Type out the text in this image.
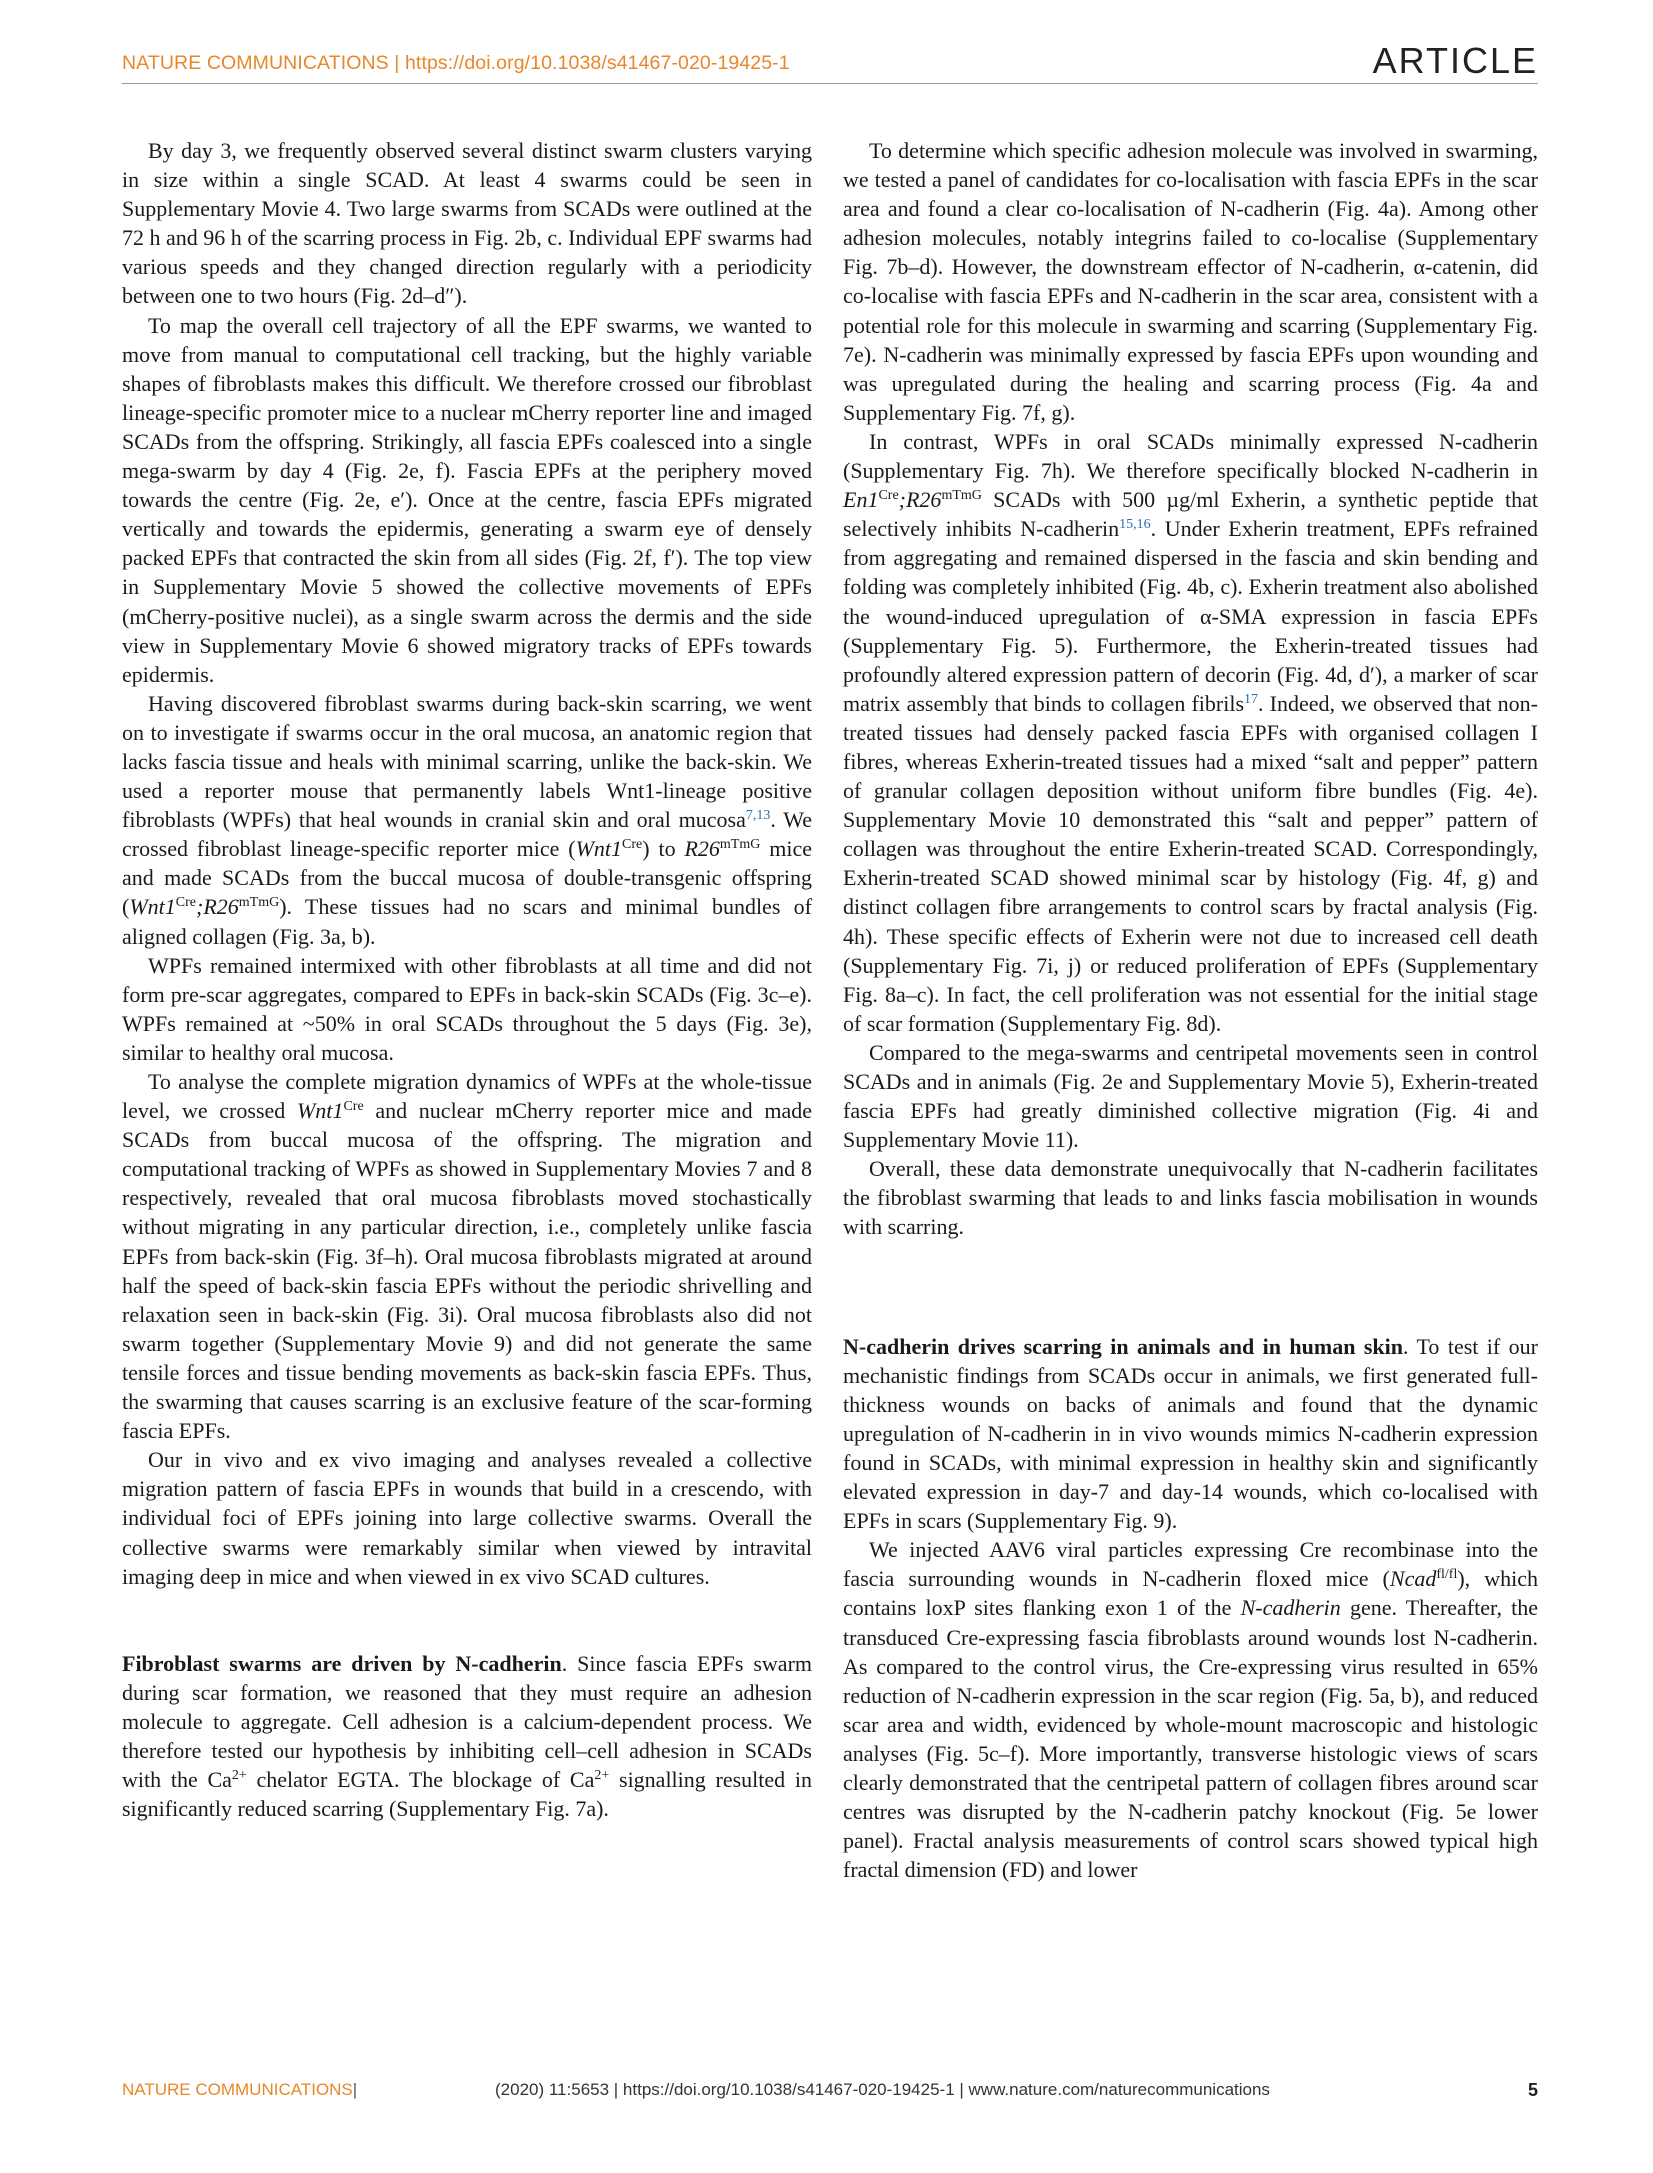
NATURE COMMUNICATIONS | https://doi.org/10.1038/s41467-020-19425-1	ARTICLE

By day 3, we frequently observed several distinct swarm clusters varying in size within a single SCAD. At least 4 swarms could be seen in Supplementary Movie 4. Two large swarms from SCADs were outlined at the 72 h and 96 h of the scarring process in Fig. 2b, c. Individual EPF swarms had various speeds and they changed direction regularly with a periodicity between one to two hours (Fig. 2d–d″).

To map the overall cell trajectory of all the EPF swarms, we wanted to move from manual to computational cell tracking, but the highly variable shapes of fibroblasts makes this difficult. We therefore crossed our fibroblast lineage-specific promoter mice to a nuclear mCherry reporter line and imaged SCADs from the offspring. Strikingly, all fascia EPFs coalesced into a single mega-swarm by day 4 (Fig. 2e, f). Fascia EPFs at the periphery moved towards the centre (Fig. 2e, e′). Once at the centre, fascia EPFs migrated vertically and towards the epidermis, generating a swarm eye of densely packed EPFs that contracted the skin from all sides (Fig. 2f, f′). The top view in Supplementary Movie 5 showed the collective movements of EPFs (mCherry-positive nuclei), as a single swarm across the dermis and the side view in Supplementary Movie 6 showed migratory tracks of EPFs towards epidermis.

Having discovered fibroblast swarms during back-skin scarring, we went on to investigate if swarms occur in the oral mucosa, an anatomic region that lacks fascia tissue and heals with minimal scarring, unlike the back-skin. We used a reporter mouse that permanently labels Wnt1-lineage positive fibroblasts (WPFs) that heal wounds in cranial skin and oral mucosa$^{7,13}$. We crossed fibroblast lineage-specific reporter mice $(Wnt1^{Cre})$ to $R26^{mTmG}$ mice and made SCADs from the buccal mucosa of double-transgenic offspring $(Wnt1^{Cre};R26^{mTmG})$. These tissues had no scars and minimal bundles of aligned collagen (Fig. 3a, b).

WPFs remained intermixed with other fibroblasts at all time and did not form pre-scar aggregates, compared to EPFs in back-skin SCADs (Fig. 3c–e). WPFs remained at ~50% in oral SCADs throughout the 5 days (Fig. 3e), similar to healthy oral mucosa.

To analyse the complete migration dynamics of WPFs at the whole-tissue level, we crossed $Wnt1^{Cre}$ and nuclear mCherry reporter mice and made SCADs from buccal mucosa of the offspring. The migration and computational tracking of WPFs as showed in Supplementary Movies 7 and 8 respectively, revealed that oral mucosa fibroblasts moved stochastically without migrating in any particular direction, i.e., completely unlike fascia EPFs from back-skin (Fig. 3f–h). Oral mucosa fibroblasts migrated at around half the speed of back-skin fascia EPFs without the periodic shrivelling and relaxation seen in back-skin (Fig. 3i). Oral mucosa fibroblasts also did not swarm together (Supplementary Movie 9) and did not generate the same tensile forces and tissue bending movements as back-skin fascia EPFs. Thus, the swarming that causes scarring is an exclusive feature of the scar-forming fascia EPFs.

Our in vivo and ex vivo imaging and analyses revealed a collective migration pattern of fascia EPFs in wounds that build in a crescendo, with individual foci of EPFs joining into large collective swarms. Overall the collective swarms were remarkably similar when viewed by intravital imaging deep in mice and when viewed in ex vivo SCAD cultures.

Fibroblast swarms are driven by N-cadherin. Since fascia EPFs swarm during scar formation, we reasoned that they must require an adhesion molecule to aggregate. Cell adhesion is a calcium-dependent process. We therefore tested our hypothesis by inhibiting cell–cell adhesion in SCADs with the $Ca^{2+}$ chelator EGTA. The blockage of $Ca^{2+}$ signalling resulted in significantly reduced scarring (Supplementary Fig. 7a).

To determine which specific adhesion molecule was involved in swarming, we tested a panel of candidates for co-localisation with fascia EPFs in the scar area and found a clear co-localisation of N-cadherin (Fig. 4a). Among other adhesion molecules, notably integrins failed to co-localise (Supplementary Fig. 7b–d). However, the downstream effector of N-cadherin, α-catenin, did co-localise with fascia EPFs and N-cadherin in the scar area, consistent with a potential role for this molecule in swarming and scarring (Supplementary Fig. 7e). N-cadherin was minimally expressed by fascia EPFs upon wounding and was upregulated during the healing and scarring process (Fig. 4a and Supplementary Fig. 7f, g).

In contrast, WPFs in oral SCADs minimally expressed N-cadherin (Supplementary Fig. 7h). We therefore specifically blocked N-cadherin in $En1^{Cre};R26^{mTmG}$ SCADs with 500 µg/ml Exherin, a synthetic peptide that selectively inhibits N-cadherin$^{15,16}$. Under Exherin treatment, EPFs refrained from aggregating and remained dispersed in the fascia and skin bending and folding was completely inhibited (Fig. 4b, c). Exherin treatment also abolished the wound-induced upregulation of α-SMA expression in fascia EPFs (Supplementary Fig. 5). Furthermore, the Exherin-treated tissues had profoundly altered expression pattern of decorin (Fig. 4d, d′), a marker of scar matrix assembly that binds to collagen fibrils$^{17}$. Indeed, we observed that non-treated tissues had densely packed fascia EPFs with organised collagen I fibres, whereas Exherin-treated tissues had a mixed “salt and pepper” pattern of granular collagen deposition without uniform fibre bundles (Fig. 4e). Supplementary Movie 10 demonstrated this “salt and pepper” pattern of collagen was throughout the entire Exherin-treated SCAD. Correspondingly, Exherin-treated SCAD showed minimal scar by histology (Fig. 4f, g) and distinct collagen fibre arrangements to control scars by fractal analysis (Fig. 4h). These specific effects of Exherin were not due to increased cell death (Supplementary Fig. 7i, j) or reduced proliferation of EPFs (Supplementary Fig. 8a–c). In fact, the cell proliferation was not essential for the initial stage of scar formation (Supplementary Fig. 8d).

Compared to the mega-swarms and centripetal movements seen in control SCADs and in animals (Fig. 2e and Supplementary Movie 5), Exherin-treated fascia EPFs had greatly diminished collective migration (Fig. 4i and Supplementary Movie 11).

Overall, these data demonstrate unequivocally that N-cadherin facilitates the fibroblast swarming that leads to and links fascia mobilisation in wounds with scarring.

N-cadherin drives scarring in animals and in human skin. To test if our mechanistic findings from SCADs occur in animals, we first generated full-thickness wounds on backs of animals and found that the dynamic upregulation of N-cadherin in in vivo wounds mimics N-cadherin expression found in SCADs, with minimal expression in healthy skin and significantly elevated expression in day-7 and day-14 wounds, which co-localised with EPFs in scars (Supplementary Fig. 9).

We injected AAV6 viral particles expressing Cre recombinase into the fascia surrounding wounds in N-cadherin floxed mice (Ncad$^{fl/fl}$), which contains loxP sites flanking exon 1 of the N-cadherin gene. Thereafter, the transduced Cre-expressing fascia fibroblasts around wounds lost N-cadherin. As compared to the control virus, the Cre-expressing virus resulted in 65% reduction of N-cadherin expression in the scar region (Fig. 5a, b), and reduced scar area and width, evidenced by whole-mount macroscopic and histologic analyses (Fig. 5c–f). More importantly, transverse histologic views of scars clearly demonstrated that the centripetal pattern of collagen fibres around scar centres was disrupted by the N-cadherin patchy knockout (Fig. 5e lower panel). Fractal analysis measurements of control scars showed typical high fractal dimension (FD) and lower

NATURE COMMUNICATIONS|	(2020) 11:5653 | https://doi.org/10.1038/s41467-020-19425-1 | www.nature.com/naturecommunications	5
